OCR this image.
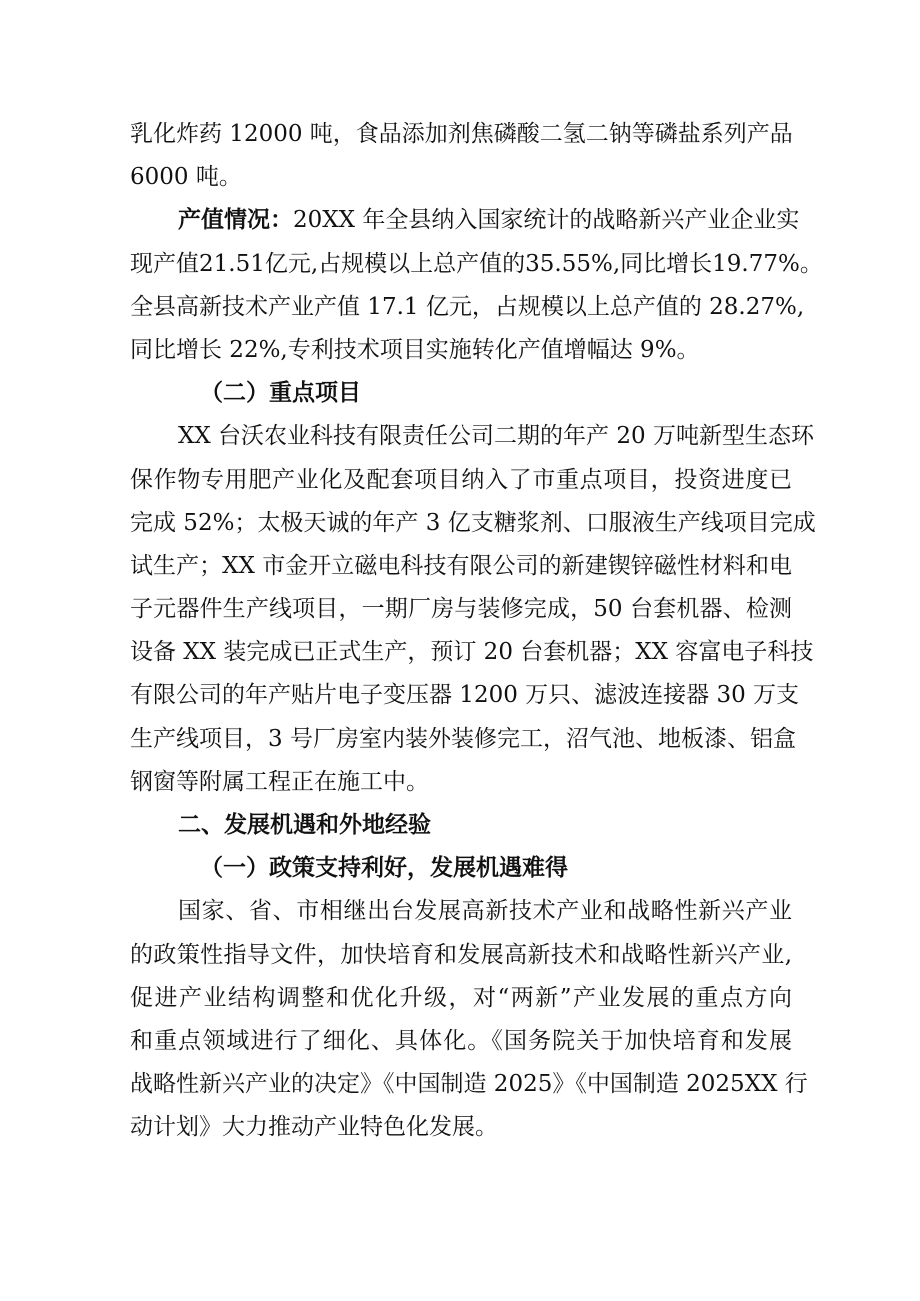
乳化炸药 12000 吨，食品添加剂焦磷酸二氢二钠等磷盐系列产品
6000 吨。
产值情况：20XX 年全县纳入国家统计的战略新兴产业企业实
现产值21.51亿元,占规模以上总产值的35.55%,同比增长19.77%。
全县高新技术产业产值 17.1 亿元，占规模以上总产值的 28.27%,
同比增长 22%,专利技术项目实施转化产值增幅达 9%。
（二）重点项目
XX 台沃农业科技有限责任公司二期的年产 20 万吨新型生态环
保作物专用肥产业化及配套项目纳入了市重点项目，投资进度已
完成 52%；太极天诚的年产 3 亿支糖浆剂、口服液生产线项目完成
试生产；XX 市金开立磁电科技有限公司的新建锲锌磁性材料和电
子元器件生产线项目，一期厂房与装修完成，50 台套机器、检测
设备 XX 装完成已正式生产，预订 20 台套机器；XX 容富电子科技
有限公司的年产贴片电子变压器 1200 万只、滤波连接器 30 万支
生产线项目，3 号厂房室内装外装修完工，沼气池、地板漆、铝盒
钢窗等附属工程正在施工中。
二、发展机遇和外地经验
（一）政策支持利好，发展机遇难得
国家、省、市相继出台发展高新技术产业和战略性新兴产业
的政策性指导文件，加快培育和发展高新技术和战略性新兴产业,
促进产业结构调整和优化升级，对“两新”产业发展的重点方向
和重点领域进行了细化、具体化。《国务院关于加快培育和发展
战略性新兴产业的决定》《中国制造 2025》《中国制造 2025XX 行
动计划》大力推动产业特色化发展。
